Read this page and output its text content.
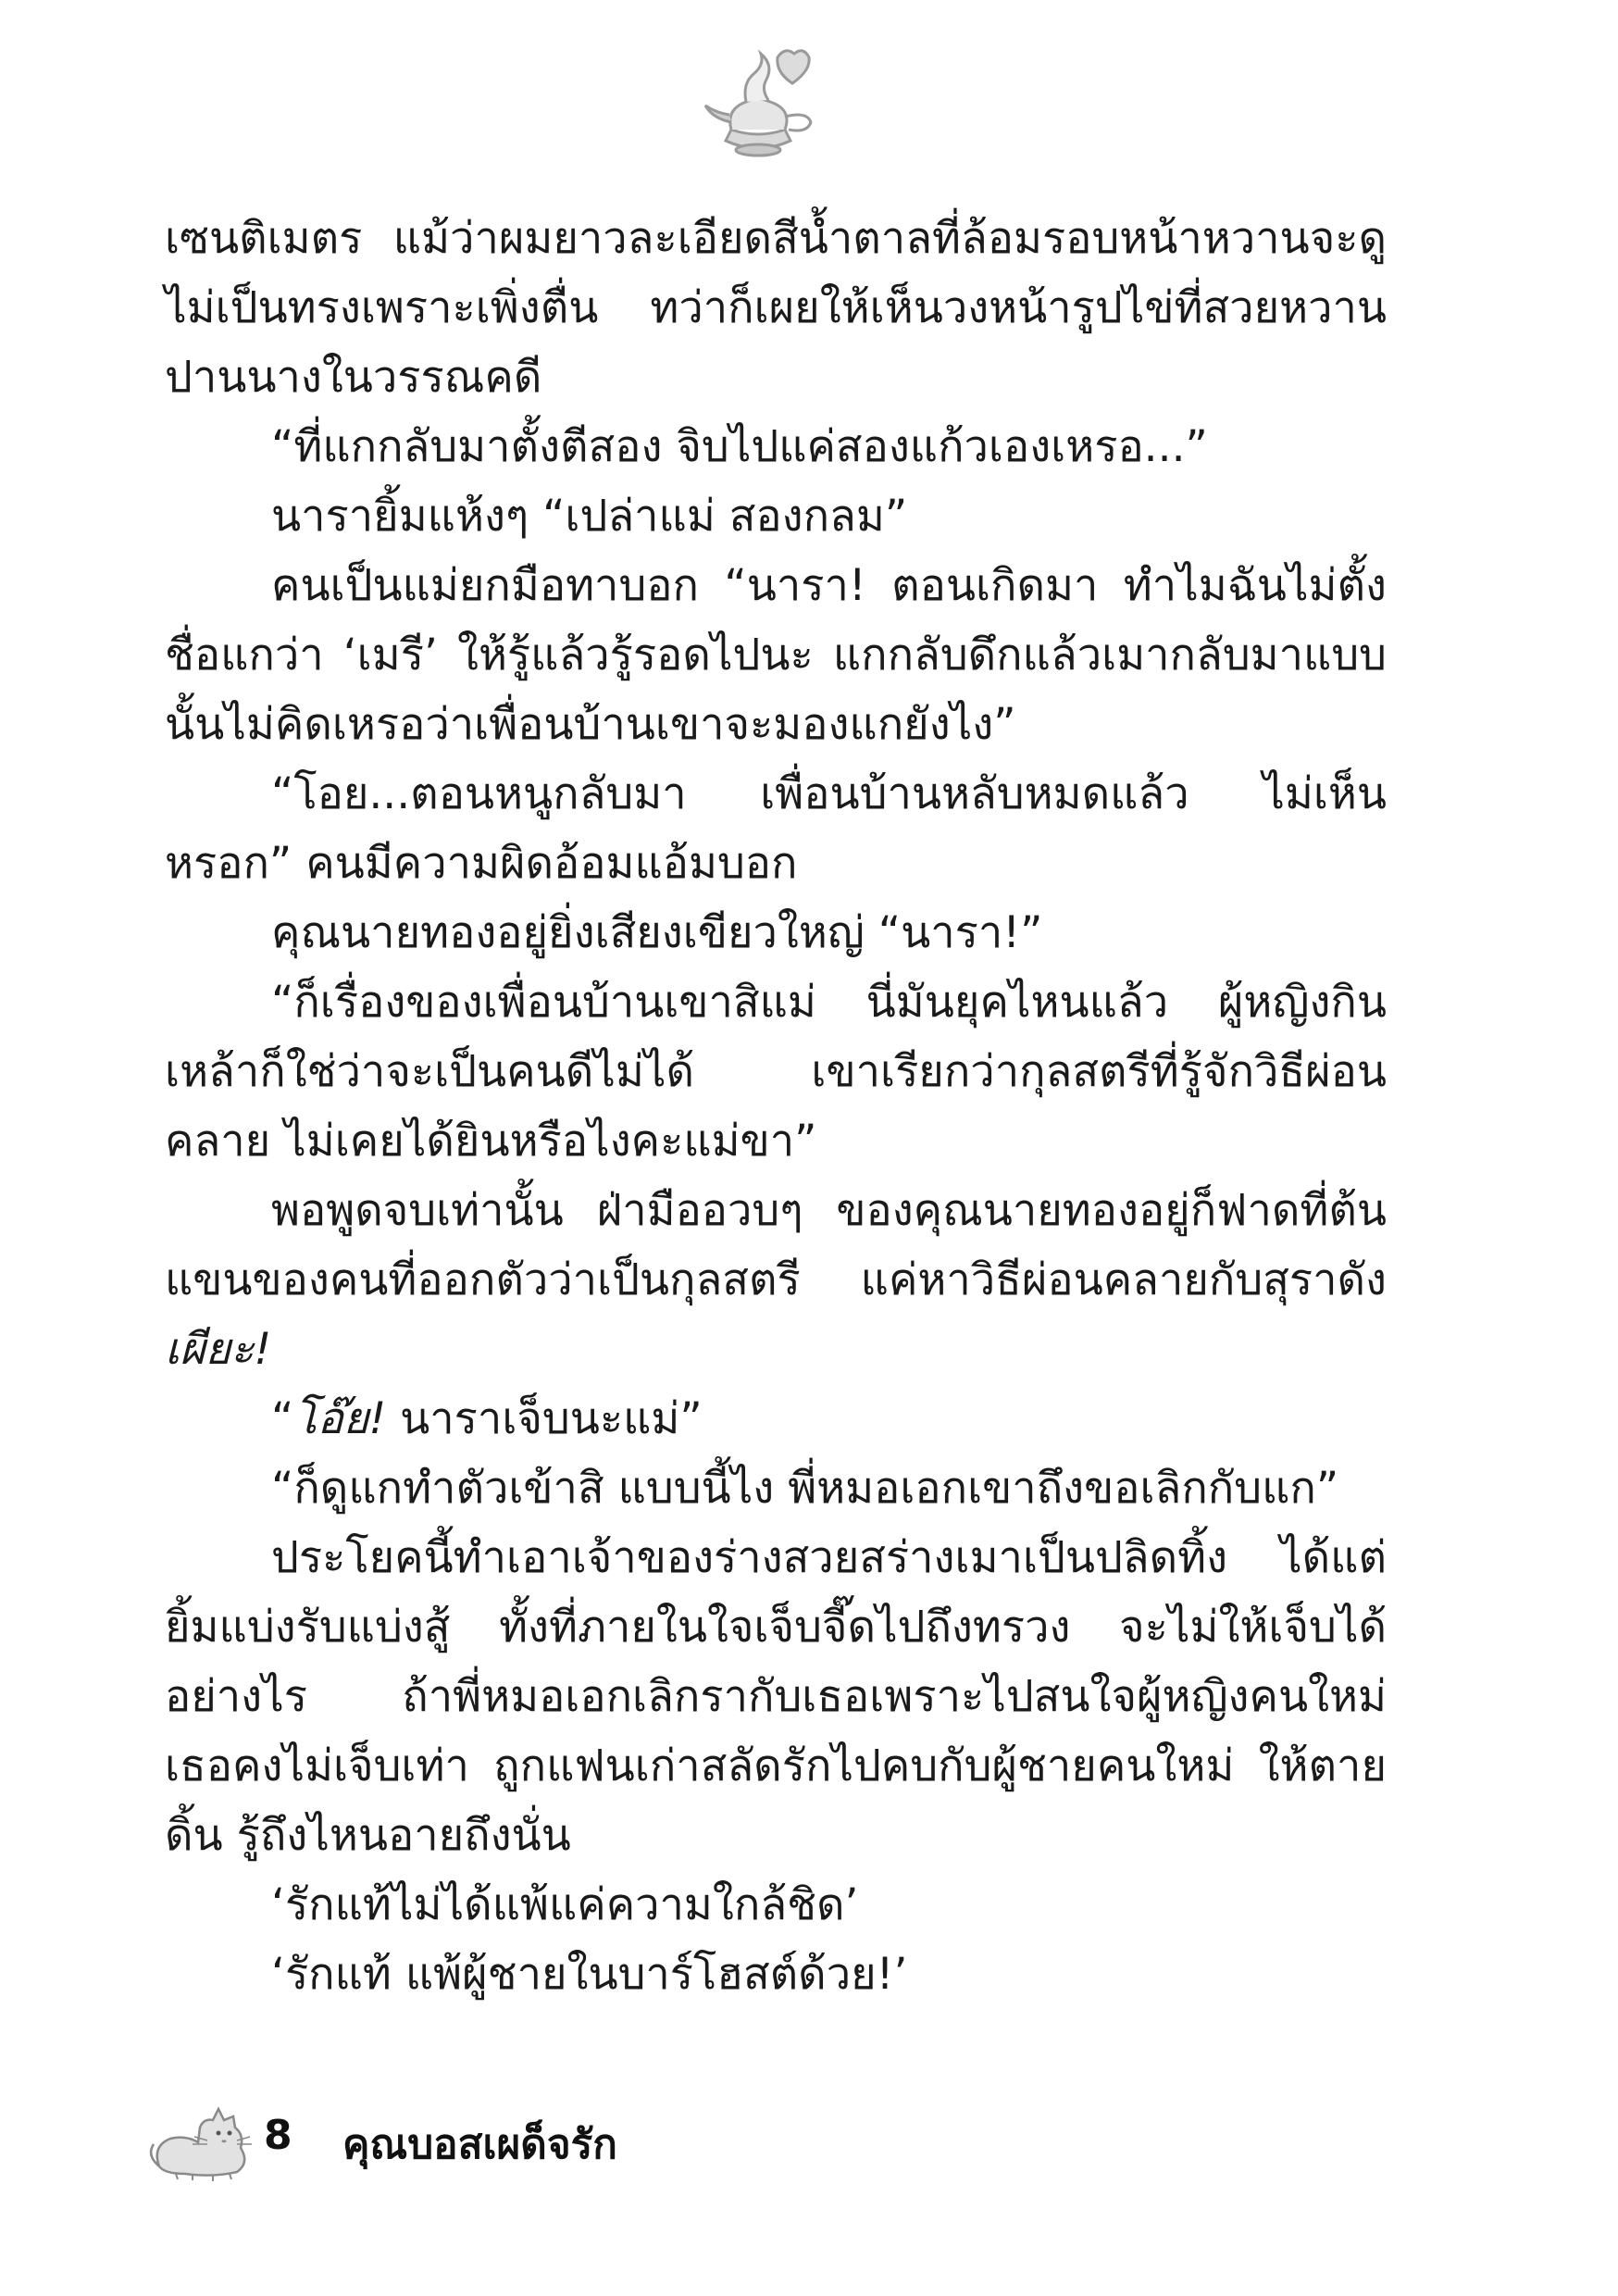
เซนติเมตร แม้ว่าผมยาวละเอียดสีน้ำตาลที่ล้อมรอบหน้าหวานจะดูไม่เป็นทรงเพราะเพิ่งตื่น ทว่าก็เผยให้เห็นวงหน้ารูปไข่ที่สวยหวานปานนางในวรรณคดี

“ที่แกกลับมาตั้งตีสอง จิบไปแค่สองแก้วเองเหรอ...”

นารายิ้มแห้งๆ “เปล่าแม่ สองกลม”

คนเป็นแม่ยกมือทาบอก “นารา! ตอนเกิดมา ทำไมฉันไม่ตั้งชื่อแกว่า ‘เมรี’ ให้รู้แล้วรู้รอดไปนะ แกกลับดึกแล้วเมากลับมาแบบนั้นไม่คิดเหรอว่าเพื่อนบ้านเขาจะมองแกยังไง”

“โอย...ตอนหนูกลับมา เพื่อนบ้านหลับหมดแล้ว ไม่เห็นหรอก” คนมีความผิดอ้อมแอ้มบอก

คุณนายทองอยู่ยิ่งเสียงเขียวใหญ่ “นารา!”

“ก็เรื่องของเพื่อนบ้านเขาสิแม่ นี่มันยุคไหนแล้ว ผู้หญิงกินเหล้าก็ใช่ว่าจะเป็นคนดีไม่ได้ เขาเรียกว่ากุลสตรีที่รู้จักวิธีผ่อนคลาย ไม่เคยได้ยินหรือไงคะแม่ขา”

พอพูดจบเท่านั้น ฝ่ามืออวบๆ ของคุณนายทองอยู่ก็ฟาดที่ต้นแขนของคนที่ออกตัวว่าเป็นกุลสตรี แค่หาวิธีผ่อนคลายกับสุราดัง เผียะ!

“โอ๊ย! นาราเจ็บนะแม่”

“ก็ดูแกทำตัวเข้าสิ แบบนี้ไง พี่หมอเอกเขาถึงขอเลิกกับแก”

ประโยคนี้ทำเอาเจ้าของร่างสวยสร่างเมาเป็นปลิดทิ้ง ได้แต่ยิ้มแบ่งรับแบ่งสู้ ทั้งที่ภายในใจเจ็บจี๊ดไปถึงทรวง จะไม่ให้เจ็บได้อย่างไร ถ้าพี่หมอเอกเลิกรากับเธอเพราะไปสนใจผู้หญิงคนใหม่ เธอคงไม่เจ็บเท่า ถูกแฟนเก่าสลัดรักไปคบกับผู้ชายคนใหม่ ให้ตายดิ้น รู้ถึงไหนอายถึงนั่น

‘รักแท้ไม่ได้แพ้แค่ความใกล้ชิด’

‘รักแท้ แพ้ผู้ชายในบาร์โฮสต์ด้วย!’

8 คุณบอสเผด็จรัก
